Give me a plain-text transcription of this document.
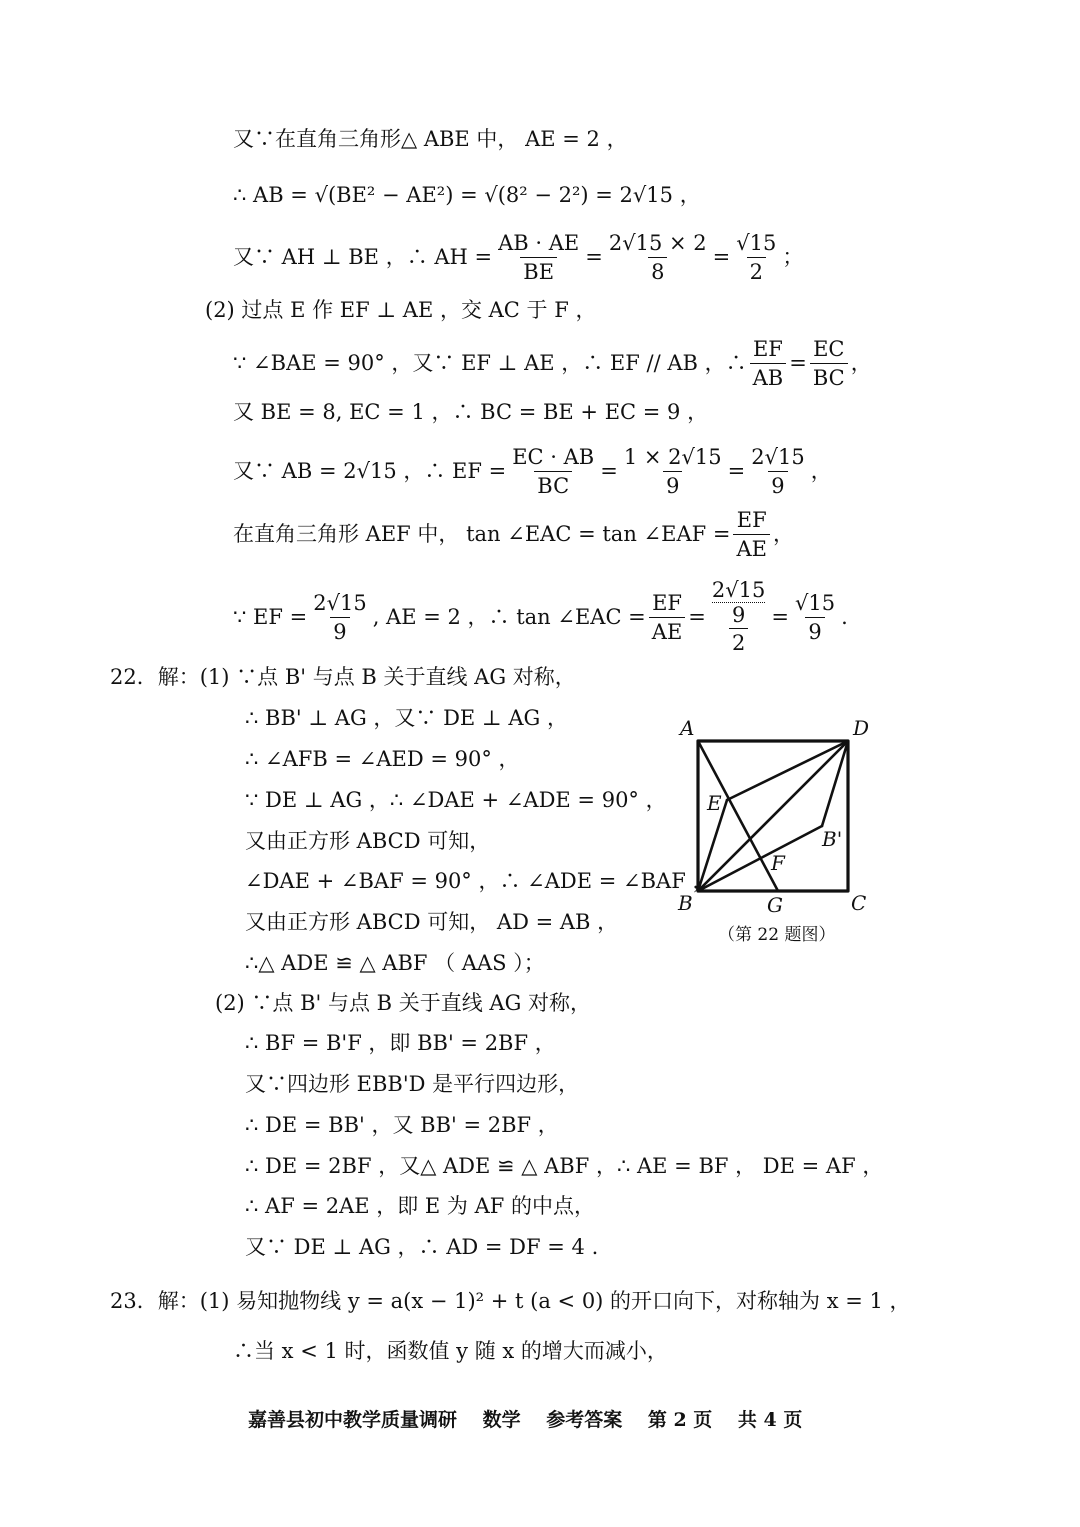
又∵在直角三角形△ ABE 中， AE = 2 ，
∴ AB = √(BE² − AE²) = √(8² − 2²) = 2√15 ，
又∵ AH ⊥ BE ，∴ AH = $\frac{AB \cdot AE}{BE} = \frac{2√15 \times 2}{8} = \frac{√15}{2}$ ；
(2) 过点 E 作 EF ⊥ AE ，交 AC 于 F ，
∵ ∠BAE = 90° ，又∵ EF ⊥ AE ，∴ EF // AB ，∴ $\frac{EF}{AB} = \frac{EC}{BC}$ ，
又 BE = 8, EC = 1 ，∴ BC = BE + EC = 9 ，
又∵ AB = 2√15 ，∴ EF = $\frac{EC \cdot AB}{BC} = \frac{1 \times 2√15}{9} = \frac{2√15}{9}$ ，
在直角三角形 AEF 中， tan ∠EAC = tan ∠EAF = $\frac{EF}{AE}$ ，
∵ EF = $\frac{2√15}{9}$ , AE = 2 ，∴ tan ∠EAC = $\frac{EF}{AE} = 2√15$
9
$2 = \frac{√15}{9}$ .
22．解：(1) ∵点 B' 与点 B 关于直线 AG 对称，
∴ BB' ⊥ AG ，又∵ DE ⊥ AG ，
∴ ∠AFB = ∠AED = 90° ，
∵ DE ⊥ AG ，∴ ∠DAE + ∠ADE = 90° ，
又由正方形 ABCD 可知，
∠DAE + ∠BAF = 90° ，∴ ∠ADE = ∠BAF ，
又由正方形 ABCD 可知， AD = AB ，
∴△ ADE ≌ △ ABF （ AAS ）；
(2) ∵点 B' 与点 B 关于直线 AG 对称，
∴ BF = B'F ，即 BB' = 2BF ，
又∵四边形 EBB'D 是平行四边形，
∴ DE = BB' ，又 BB' = 2BF ，
∴ DE = 2BF ，又△ ADE ≌ △ ABF ，∴ AE = BF ， DE = AF ，
∴ AF = 2AE ，即 E 为 AF 的中点，
又∵ DE ⊥ AG ，∴ AD = DF = 4 .
23．解：(1) 易知抛物线 y = a(x − 1)² + t (a < 0) 的开口向下，对称轴为 x = 1 ，
∴当 x < 1 时，函数值 y 随 x 的增大而减小，
A	D
E
B'
F
B	G	C
（第 22 题图）
嘉善县初中教学质量调研　 数学　 参考答案　 第 2 页　 共 4 页
